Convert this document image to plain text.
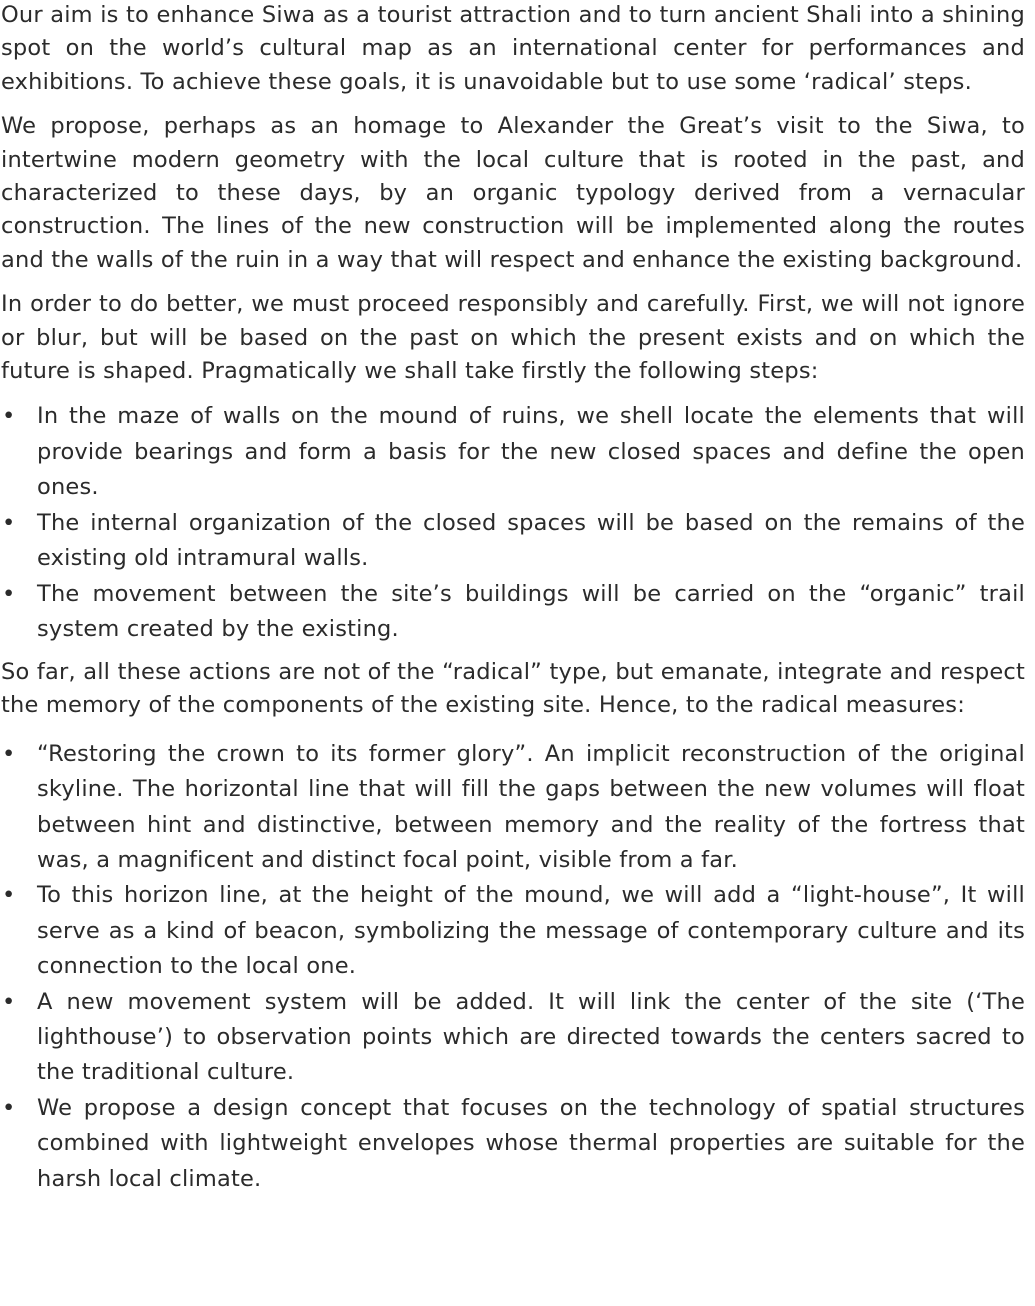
Our aim is to enhance Siwa as a tourist attraction and to turn ancient Shali into a shining spot on the world’s cultural map as an international center for performances and exhibitions. To achieve these goals, it is unavoidable but to use some ‘radical’ steps.

We propose, perhaps as an homage to Alexander the Great’s visit to the Siwa, to intertwine modern geometry with the local culture that is rooted in the past, and characterized to these days, by an organic typology derived from a vernacular construction. The lines of the new construction will be implemented along the routes and the walls of the ruin in a way that will respect and enhance the existing background.

In order to do better, we must proceed responsibly and carefully. First, we will not ignore or blur, but will be based on the past on which the present exists and on which the future is shaped. Pragmatically we shall take firstly the following steps:

• In the maze of walls on the mound of ruins, we shell locate the elements that will provide bearings and form a basis for the new closed spaces and define the open ones.
• The internal organization of the closed spaces will be based on the remains of the existing old intramural walls.
• The movement between the site’s buildings will be carried on the “organic” trail system created by the existing.

So far, all these actions are not of the “radical” type, but emanate, integrate and respect the memory of the components of the existing site. Hence, to the radical measures:

• “Restoring the crown to its former glory”. An implicit reconstruction of the original skyline. The horizontal line that will fill the gaps between the new volumes will float between hint and distinctive, between memory and the reality of the fortress that was, a magnificent and distinct focal point, visible from a far.
• To this horizon line, at the height of the mound, we will add a “light-house”, It will serve as a kind of beacon, symbolizing the message of contemporary culture and its connection to the local one.
• A new movement system will be added. It will link the center of the site (‘The lighthouse’) to observation points which are directed towards the centers sacred to the traditional culture.
• We propose a design concept that focuses on the technology of spatial structures combined with lightweight envelopes whose thermal properties are suitable for the harsh local climate.
